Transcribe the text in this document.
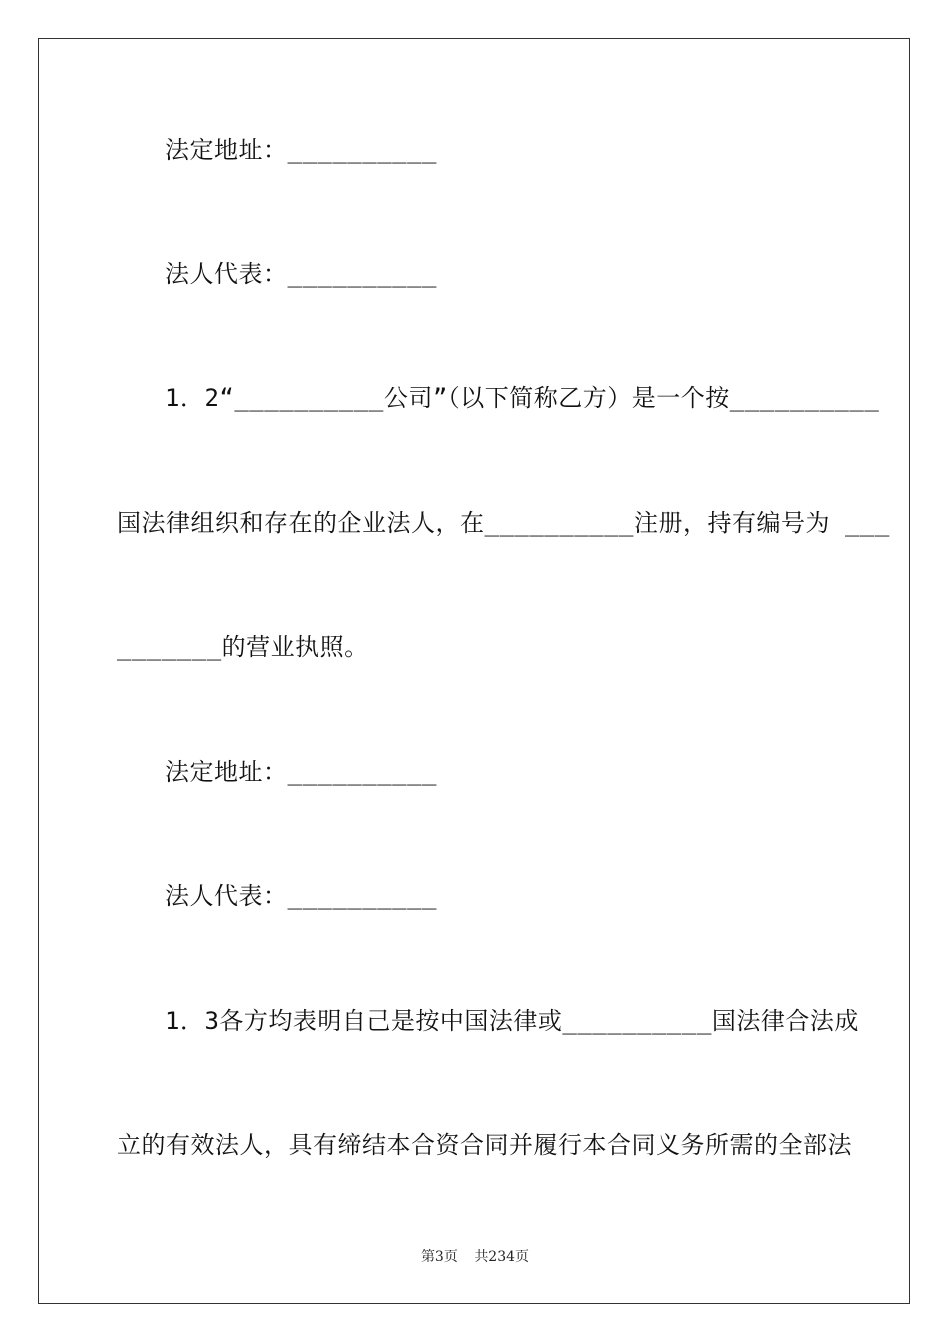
法定地址：__________
法人代表：__________
1．2“__________公司”（以下简称乙方）是一个按__________
国法律组织和存在的企业法人，在__________注册，持有编号为 ___
_______的营业执照。
法定地址：__________
法人代表：__________
1．3各方均表明自己是按中国法律或__________国法律合法成
立的有效法人，具有缔结本合资合同并履行本合同义务所需的全部法
第3页 共234页
